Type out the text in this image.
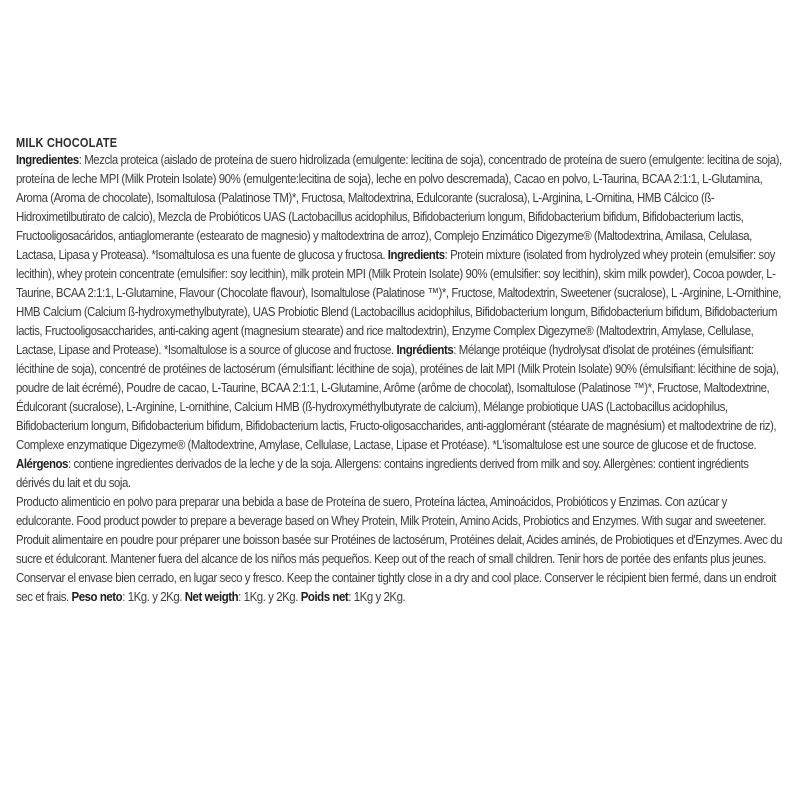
MILK CHOCOLATE

Ingredientes: Mezcla proteica (aislado de proteína de suero hidrolizada (emulgente: lecitina de soja), concentrado de proteína de suero (emulgente: lecitina de soja), proteína de leche MPI (Milk Protein Isolate) 90% (emulgente:lecitina de soja), leche en polvo descremada), Cacao en polvo, L-Taurina, BCAA 2:1:1, L-Glutamina, Aroma (Aroma de chocolate), Isomaltulosa (Palatinose TM)*, Fructosa, Maltodextrina, Edulcorante (sucralosa), L-Arginina, L-Ornitina, HMB Cálcico (ß-Hidroximetilbutirato de calcio), Mezcla de Probióticos UAS (Lactobacillus acidophilus, Bifidobacterium longum, Bifidobacterium bifidum, Bifidobacterium lactis, Fructooligosacáridos, antiaglomerante (estearato de magnesio) y maltodextrina de arroz), Complejo Enzimático Digezyme® (Maltodextrina, Amilasa, Celulasa, Lactasa, Lipasa y Proteasa). *Isomaltulosa es una fuente de glucosa y fructosa. Ingredients: Protein mixture (isolated from hydrolyzed whey protein (emulsifier: soy lecithin), whey protein concentrate (emulsifier: soy lecithin), milk protein MPI (Milk Protein Isolate) 90% (emulsifier: soy lecithin), skim milk powder), Cocoa powder, L-Taurine, BCAA 2:1:1, L-Glutamine, Flavour (Chocolate flavour), Isomaltulose (Palatinose ™)*, Fructose, Maltodextrin, Sweetener (sucralose), L -Arginine, L-Ornithine, HMB Calcium (Calcium ß-hydroxymethylbutyrate), UAS Probiotic Blend (Lactobacillus acidophilus, Bifidobacterium longum, Bifidobacterium bifidum, Bifidobacterium lactis, Fructooligosaccharides, anti-caking agent (magnesium stearate) and rice maltodextrin), Enzyme Complex Digezyme® (Maltodextrin, Amylase, Cellulase, Lactase, Lipase and Protease). *Isomaltulose is a source of glucose and fructose. Ingrédients: Mélange protéique (hydrolysat d'isolat de protéines (émulsifiant: lécithine de soja), concentré de protéines de lactosérum (émulsifiant: lécithine de soja), protéines de lait MPI (Milk Protein Isolate) 90% (émulsifiant: lécithine de soja), poudre de lait écrémé), Poudre de cacao, L-Taurine, BCAA 2:1:1, L-Glutamine, Arôme (arôme de chocolat), Isomaltulose (Palatinose ™)*, Fructose, Maltodextrine, Édulcorant (sucralose), L-Arginine, L-ornithine, Calcium HMB (ß-hydroxyméthylbutyrate de calcium), Mélange probiotique UAS (Lactobacillus acidophilus, Bifidobacterium longum, Bifidobacterium bifidum, Bifidobacterium lactis, Fructo-oligosaccharides, anti-agglomérant (stéarate de magnésium) et maltodextrine de riz), Complexe enzymatique Digezyme® (Maltodextrine, Amylase, Cellulase, Lactase, Lipase et Protéase). *L'isomaltulose est une source de glucose et de fructose.

Alérgenos: contiene ingredientes derivados de la leche y de la soja. Allergens: contains ingredients derived from milk and soy. Allergènes: contient ingrédients dérivés du lait et du soja.

Producto alimenticio en polvo para preparar una bebida a base de Proteína de suero, Proteína láctea, Aminoácidos, Probióticos y Enzimas. Con azúcar y edulcorante. Food product powder to prepare a beverage based on Whey Protein, Milk Protein, Amino Acids, Probiotics and Enzymes. With sugar and sweetener. Produit alimentaire en poudre pour préparer une boisson basée sur Protéines de lactosérum, Protéines delait, Acides aminés, de Probiotiques et d'Enzymes. Avec du sucre et édulcorant. Mantener fuera del alcance de los niños más pequeños. Keep out of the reach of small children. Tenir hors de portée des enfants plus jeunes. Conservar el envase bien cerrado, en lugar seco y fresco. Keep the container tightly close in a dry and cool place. Conserver le récipient bien fermé, dans un endroit sec et frais. Peso neto: 1Kg. y 2Kg. Net weigth: 1Kg. y 2Kg. Poids net: 1Kg y 2Kg.
